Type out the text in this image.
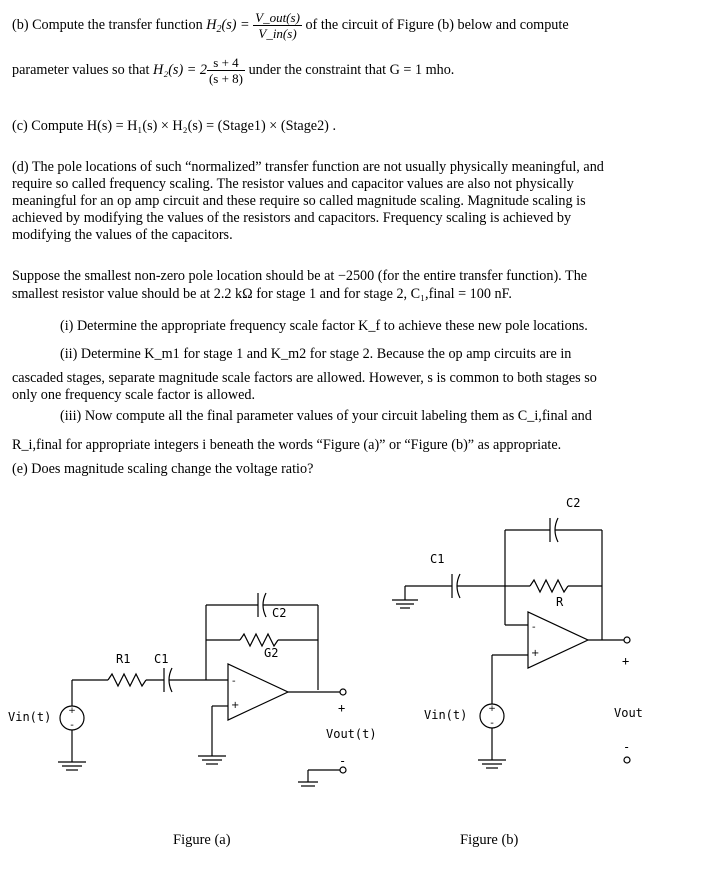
(b) Compute the transfer function $H_2(s) = \frac{\text{V\_out(s)}}{V\_in(s)}$ of the circuit of Figure (b) below and compute
parameter values so that $H_2(s) = 2 \frac{s + 4}{(s + 8)}$ under the constraint that G = 1 mho.
(c) Compute H(s) = H₁(s) × H₂(s) = (Stage1) × (Stage2) .
(d) The pole locations of such “normalized” transfer function are not usually physically meaningful, and
require so called frequency scaling. The resistor values and capacitor values are also not physically
meaningful for an op amp circuit and these require so called magnitude scaling. Magnitude scaling is
achieved by modifying the values of the resistors and capacitors. Frequency scaling is achieved by
modifying the values of the capacitors.
Suppose the smallest non-zero pole location should be at −2500 (for the entire transfer function). The
smallest resistor value should be at 2.2 kΩ for stage 1 and for stage 2, C₁,final = 100 nF.
(i) Determine the appropriate frequency scale factor K_f to achieve these new pole locations.
(ii) Determine K_m1 for stage 1 and K_m2 for stage 2. Because the op amp circuits are in
cascaded stages, separate magnitude scale factors are allowed. However, s is common to both stages so
only one frequency scale factor is allowed.
(iii) Now compute all the final parameter values of your circuit labeling them as C_i,final and
R_i,final for appropriate integers i beneath the words “Figure (a)” or “Figure (b)” as appropriate.
(e) Does magnitude scaling change the voltage ratio?
+
-
-
+
-
+
+
-
R1 C1
C2
G2
Vin(t)
+
Vout(t)
-
C1
C2
R
Vin(t)
+
Vout
-
Figure (a)	Figure (b)
